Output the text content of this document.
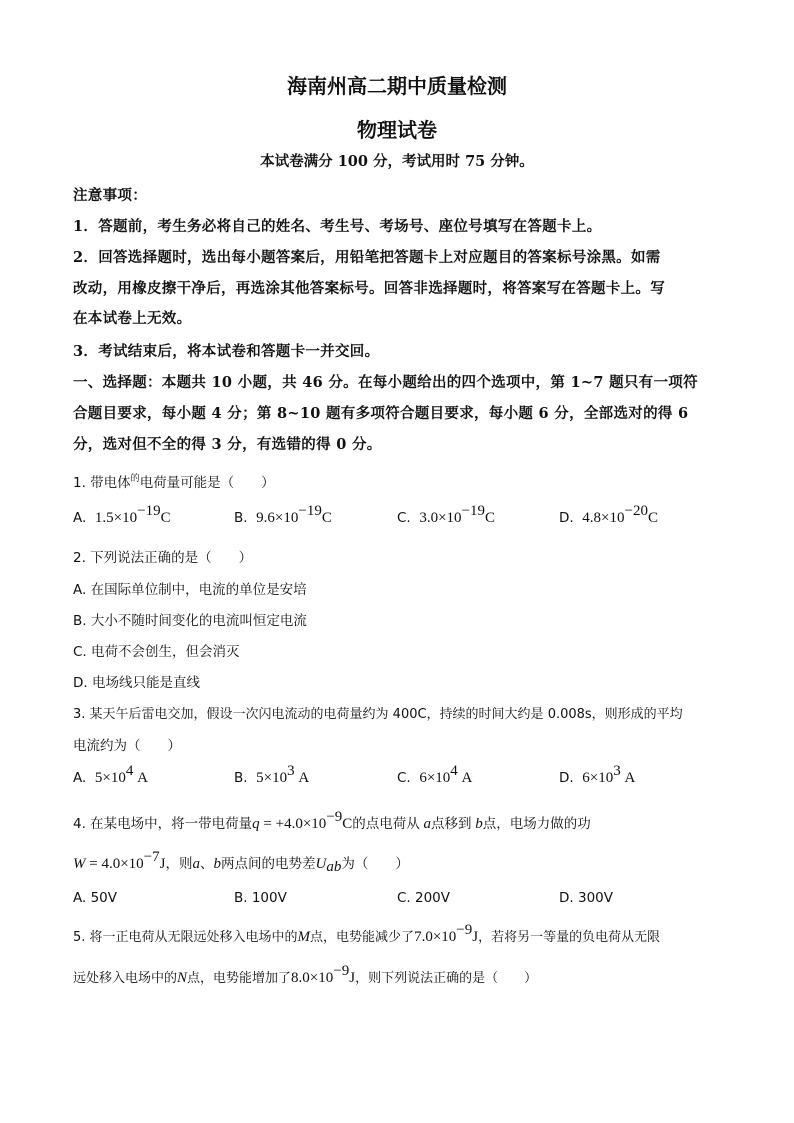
海南州高二期中质量检测
物理试卷
本试卷满分 100 分，考试用时 75 分钟。
注意事项：
1．答题前，考生务必将自己的姓名、考生号、考场号、座位号填写在答题卡上。
2．回答选择题时，选出每小题答案后，用铅笔把答题卡上对应题目的答案标号涂黑。如需
改动，用橡皮擦干净后，再选涂其他答案标号。回答非选择题时，将答案写在答题卡上。写
在本试卷上无效。
3．考试结束后，将本试卷和答题卡一并交回。
一、选择题：本题共 10 小题，共 46 分。在每小题给出的四个选项中，第 1~7 题只有一项符
合题目要求，每小题 4 分；第 8~10 题有多项符合题目要求，每小题 6 分，全部选对的得 6
分，选对但不全的得 3 分，有选错的得 0 分。
1. 带电体$^的$电荷量可能是（　　）
A. $1.5\times 10^{-19}C$	B. $9.6\times 10^{-19}C$	C. $3.0\times 10^{-19}C$	D. $4.8\times 10^{-20}C$
2. 下列说法正确的是（　　）
A. 在国际单位制中，电流的单位是安培
B. 大小不随时间变化的电流叫恒定电流
C. 电荷不会创生，但会消灭
D. 电场线只能是直线
3. 某天午后雷电交加，假设一次闪电流动的电荷量约为 400C，持续的时间大约是 0.008s，则形成的平均
电流约为（　　）
A. $5\times 10^4$ A	B. $5\times 10^3$ A	C. $6\times 10^4$ A	D. $6\times 10^3$ A
4. 在某电场中，将一带电荷量$q = +4.0\times 10^{-9}C$的点电荷从 a点移到 b点，电场力做的功
$W = 4.0\times 10^{-7}J$，则a、b两点间的电势差$U_{ab}$为（　　）
A. 50V	B. 100V	C. 200V	D. 300V
5. 将一正电荷从无限远处移入电场中的M点，电势能减少了$7.0\times 10^{-9}J$，若将另一等量的负电荷从无限
远处移入电场中的N点，电势能增加了$8.0\times 10^{-9}J$，则下列说法正确的是（　　）
